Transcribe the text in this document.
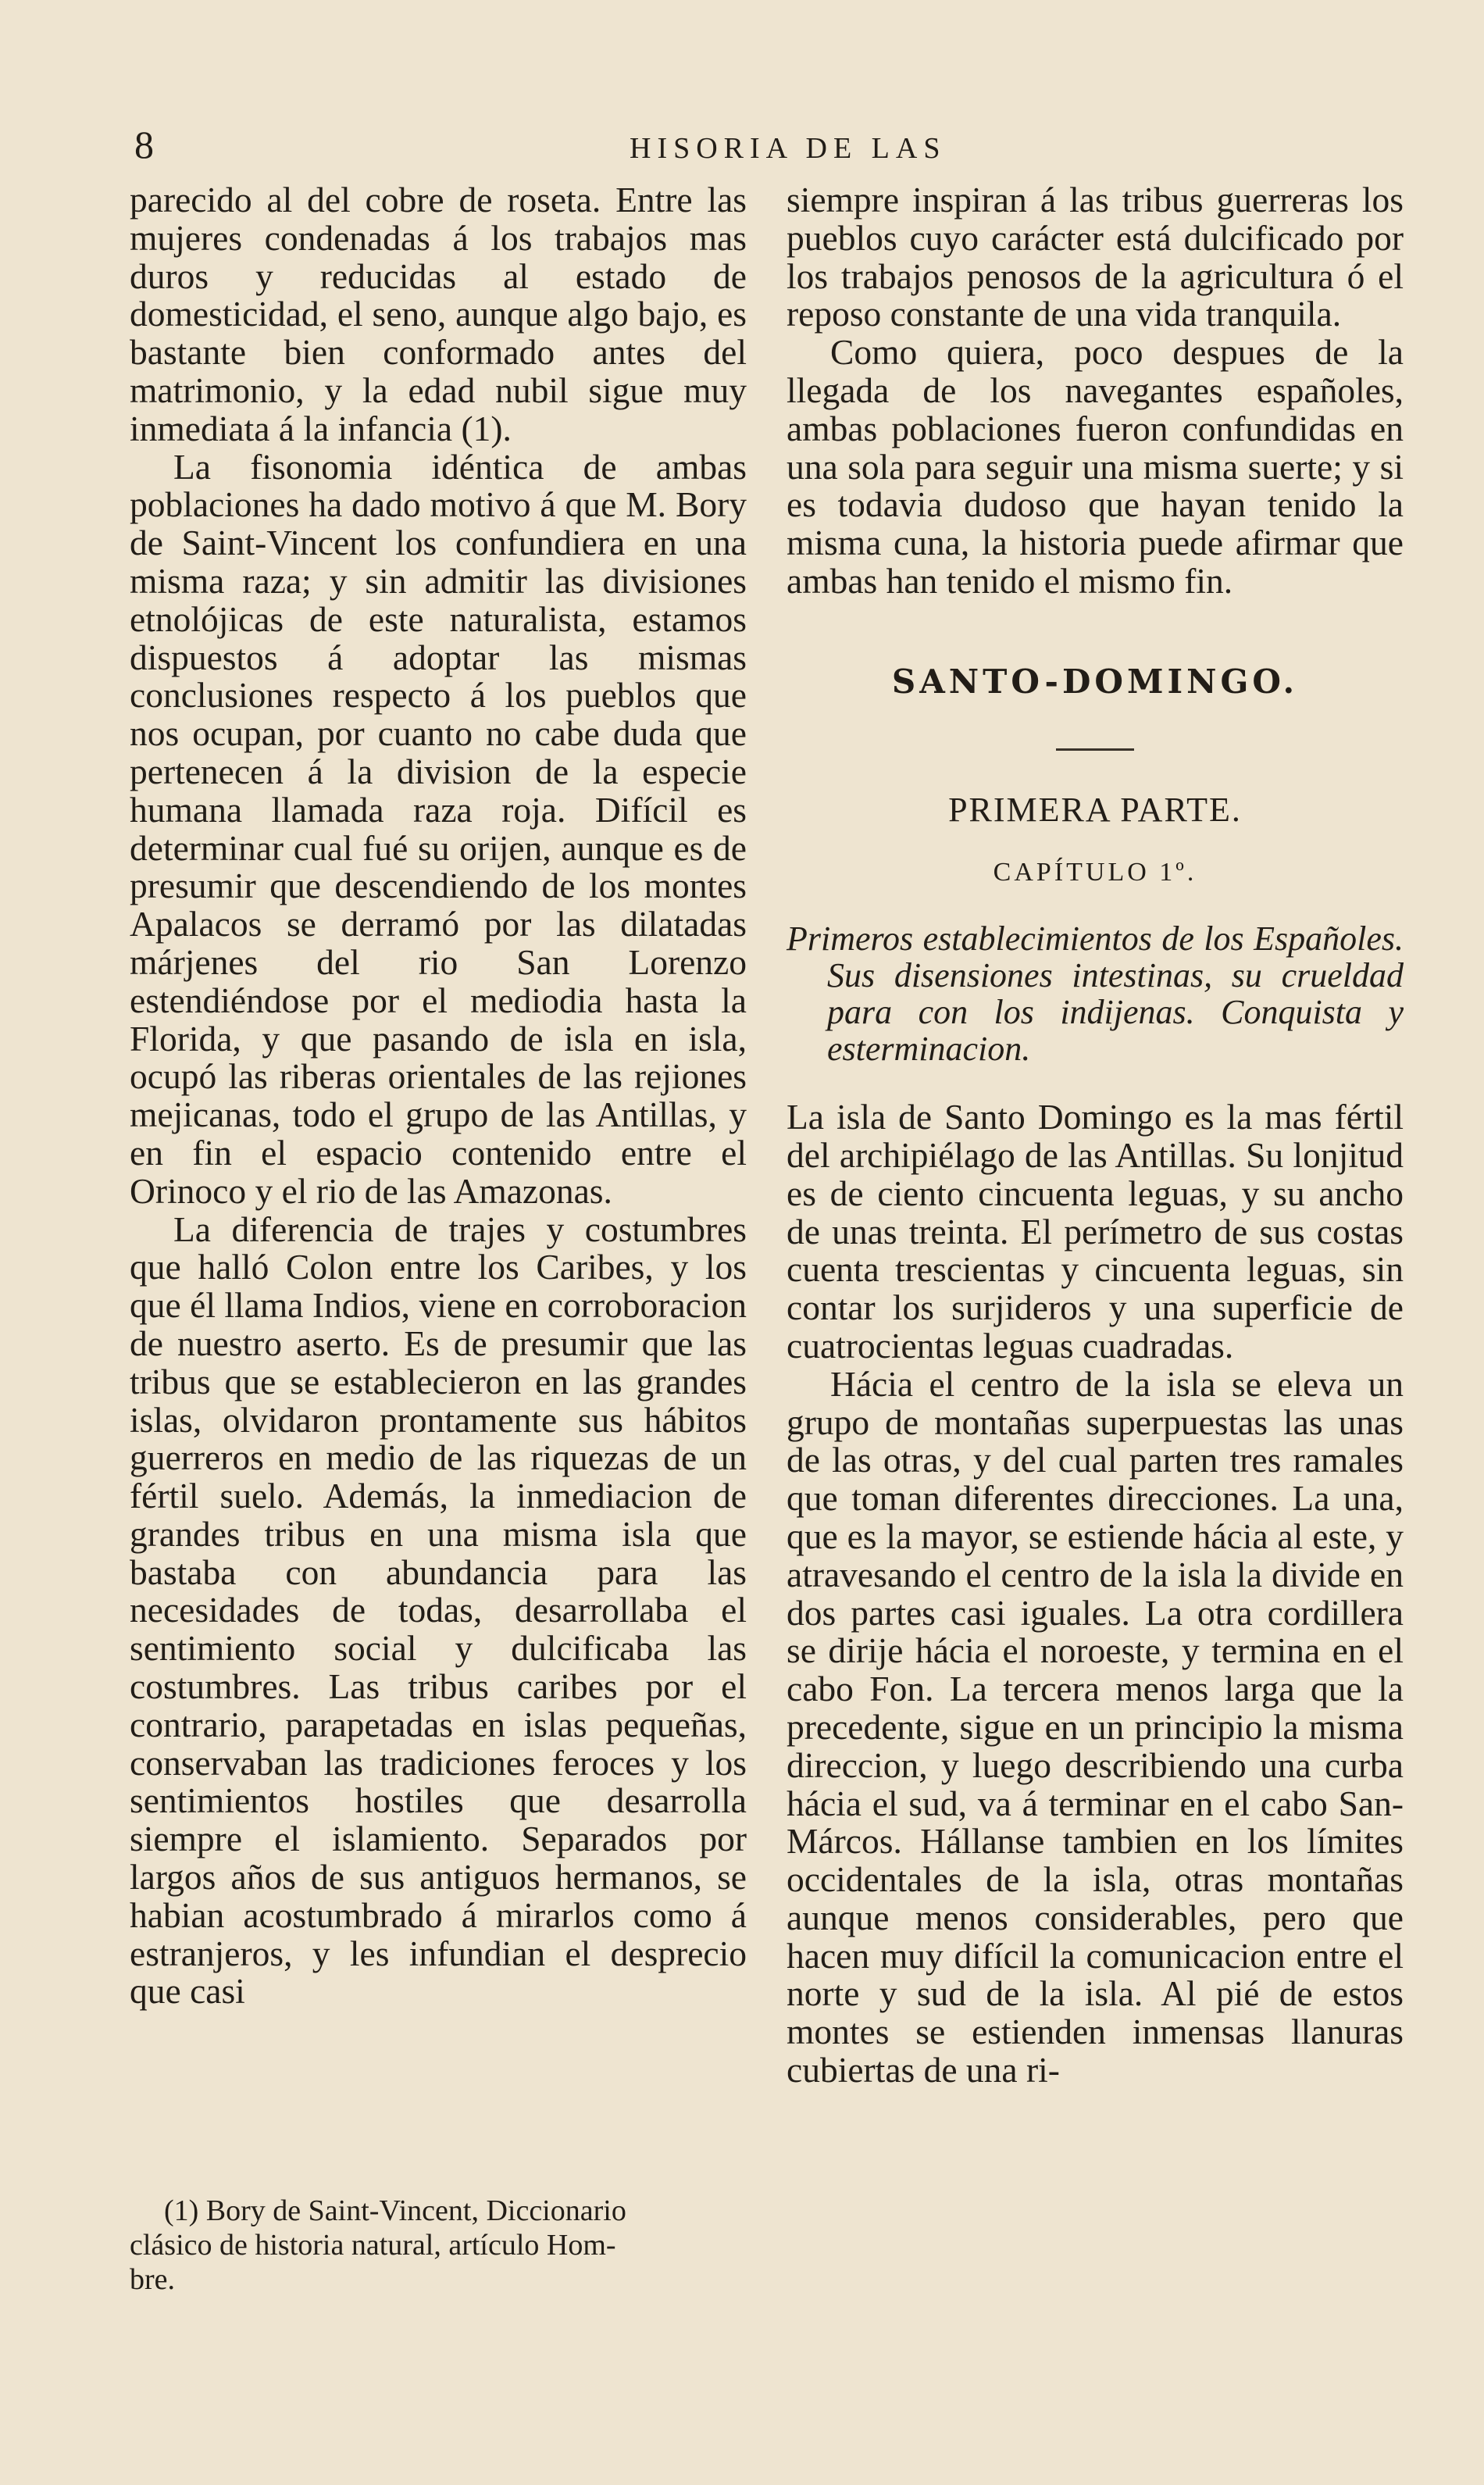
8	HISORIA DE LAS

parecido al del cobre de roseta. Entre las mujeres condenadas á los trabajos mas duros y reducidas al estado de domesticidad, el seno, aunque algo bajo, es bastante bien conformado antes del matrimonio, y la edad nubil sigue muy inmediata á la infancia (1).

La fisonomia idéntica de ambas poblaciones ha dado motivo á que M. Bory de Saint-Vincent los confundiera en una misma raza; y sin admitir las divisiones etnolójicas de este naturalista, estamos dispuestos á adoptar las mismas conclusiones respecto á los pueblos que nos ocupan, por cuanto no cabe duda que pertenecen á la division de la especie humana llamada raza roja. Difícil es determinar cual fué su orijen, aunque es de presumir que descendiendo de los montes Apalacos se derramó por las dilatadas márjenes del rio San Lorenzo estendiéndose por el mediodia hasta la Florida, y que pasando de isla en isla, ocupó las riberas orientales de las rejiones mejicanas, todo el grupo de las Antillas, y en fin el espacio contenido entre el Orinoco y el rio de las Amazonas.

La diferencia de trajes y costumbres que halló Colon entre los Caribes, y los que él llama Indios, viene en corroboracion de nuestro aserto. Es de presumir que las tribus que se establecieron en las grandes islas, olvidaron prontamente sus hábitos guerreros en medio de las riquezas de un fértil suelo. Además, la inmediacion de grandes tribus en una misma isla que bastaba con abundancia para las necesidades de todas, desarrollaba el sentimiento social y dulcificaba las costumbres. Las tribus caribes por el contrario, parapetadas en islas pequeñas, conservaban las tradiciones feroces y los sentimientos hostiles que desarrolla siempre el islamiento. Separados por largos años de sus antiguos hermanos, se habian acostumbrado á mirarlos como á estranjeros, y les infundian el desprecio que casi

(1) Bory de Saint-Vincent, Diccionario
clásico de historia natural, artículo Hom-
bre.

siempre inspiran á las tribus guerreras los pueblos cuyo carácter está dulcificado por los trabajos penosos de la agricultura ó el reposo constante de una vida tranquila.

Como quiera, poco despues de la llegada de los navegantes españoles, ambas poblaciones fueron confundidas en una sola para seguir una misma suerte; y si es todavia dudoso que hayan tenido la misma cuna, la historia puede afirmar que ambas han tenido el mismo fin.

SANTO-DOMINGO.
PRIMERA PARTE.
CAPÍTULO 1º.
Primeros establecimientos de los Españoles. Sus disensiones intestinas, su crueldad para con los indijenas. Conquista y esterminacion.

La isla de Santo Domingo es la mas fértil del archipiélago de las Antillas. Su lonjitud es de ciento cincuenta leguas, y su ancho de unas treinta. El perímetro de sus costas cuenta trescientas y cincuenta leguas, sin contar los surjideros y una superficie de cuatrocientas leguas cuadradas.

Hácia el centro de la isla se eleva un grupo de montañas superpuestas las unas de las otras, y del cual parten tres ramales que toman diferentes direcciones. La una, que es la mayor, se estiende hácia al este, y atravesando el centro de la isla la divide en dos partes casi iguales. La otra cordillera se dirije hácia el noroeste, y termina en el cabo Fon. La tercera menos larga que la precedente, sigue en un principio la misma direccion, y luego describiendo una curba hácia el sud, va á terminar en el cabo San-Márcos. Hállanse tambien en los límites occidentales de la isla, otras montañas aunque menos considerables, pero que hacen muy difícil la comunicacion entre el norte y sud de la isla. Al pié de estos montes se estienden inmensas llanuras cubiertas de una ri-
